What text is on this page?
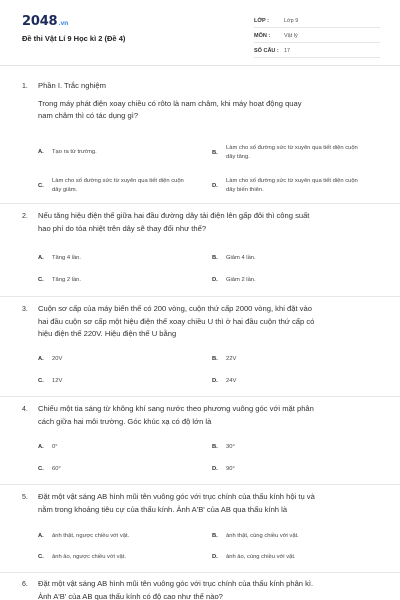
2048.vn
Đề thi Vật Lí 9 Học kì 2 (Đề 4)
LỚP :	Lớp 9
MÔN :	Vật lý
SỐ CÂU : 17
1. Phần I. Trắc nghiệm
Trong máy phát điện xoay chiều có rôto là nam châm, khi máy hoạt động quay
nam châm thì có tác dụng gì?
A. Tạo ra từ trường.	B.
Làm cho số đường sức từ xuyên qua tiết diện cuộn dây tăng.
C.
Làm cho số đường sức từ xuyên qua tiết diện cuộn dây giảm.
D.
Làm cho số đường sức từ xuyên qua tiết diện cuộn dây biến thiên.
2. Nếu tăng hiệu điện thế giữa hai đầu đường dây tải điện lên gấp đôi thì công suất
hao phí do tỏa nhiệt trên dây sẽ thay đổi như thế?
A. Tăng 4 lần.	B. Giảm 4 lần.
C. Tăng 2 lần.	D. Giảm 2 lần.
3. Cuộn sơ cấp của máy biến thế có 200 vòng, cuộn thứ cấp 2000 vòng, khi đặt vào
hai đầu cuộn sơ cấp một hiệu điện thế xoay chiều U thì ở hai đầu cuộn thứ cấp có
hiệu điện thế 220V. Hiệu điện thế U bằng
A. 20V	B. 22V
C. 12V	D. 24V
4. Chiếu một tia sáng từ không khí sang nước theo phương vuông góc với mặt phân
cách giữa hai môi trường. Góc khúc xạ có độ lớn là
A. 0°	B. 30°
C. 60°	D. 90°
5. Đặt một vật sáng AB hình mũi tên vuông góc với trục chính của thấu kính hội tụ và
nằm trong khoảng tiêu cự của thấu kính. Ảnh A'B' của AB qua thấu kính là
A. ảnh thật, ngược chiều với vật.	B. ảnh thật, cùng chiều với vật.
C. ảnh ảo, ngược chiều với vật.	D. ảnh ảo, cùng chiều với vật.
6. Đặt một vật sáng AB hình mũi tên vuông góc với trục chính của thấu kính phân kì.
Ảnh A'B' của AB qua thấu kính có độ cao như thế nào?
